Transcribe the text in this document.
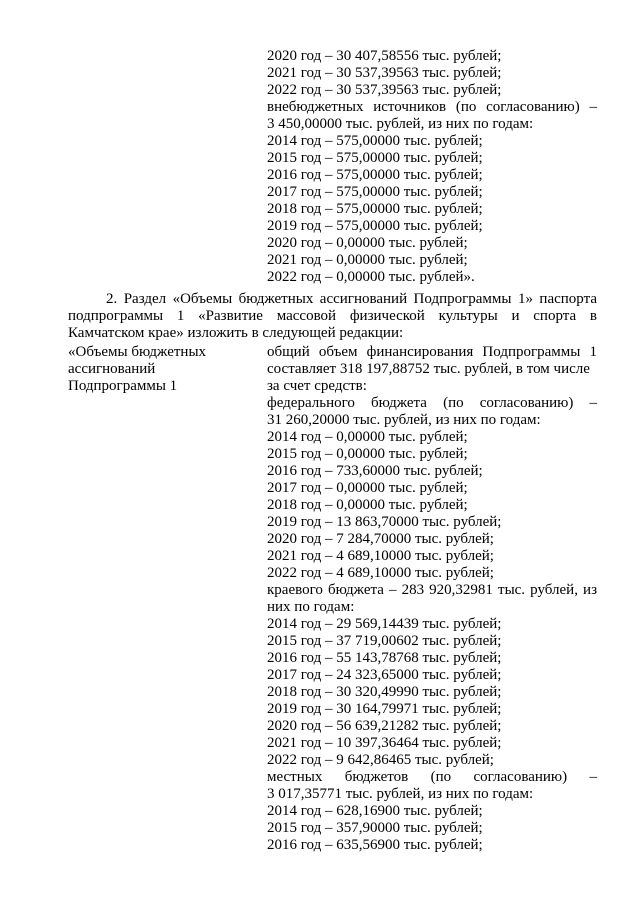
2020 год – 30 407,58556 тыс. рублей;
2021 год – 30 537,39563 тыс. рублей;
2022 год – 30 537,39563 тыс. рублей;
внебюджетных источников (по согласованию) –
3 450,00000 тыс. рублей, из них по годам:
2014 год – 575,00000 тыс. рублей;
2015 год – 575,00000 тыс. рублей;
2016 год – 575,00000 тыс. рублей;
2017 год – 575,00000 тыс. рублей;
2018 год – 575,00000 тыс. рублей;
2019 год – 575,00000 тыс. рублей;
2020 год – 0,00000 тыс. рублей;
2021 год – 0,00000 тыс. рублей;
2022 год – 0,00000 тыс. рублей».
2. Раздел «Объемы бюджетных ассигнований Подпрограммы 1» паспорта
подпрограммы 1 «Развитие массовой физической культуры и спорта в
Камчатском крае» изложить в следующей редакции:
«Объемы бюджетных
ассигнований
Подпрограммы 1
общий объем финансирования Подпрограммы 1
составляет 318 197,88752 тыс. рублей, в том числе
за счет средств:
федерального бюджета (по согласованию) –
31 260,20000 тыс. рублей, из них по годам:
2014 год – 0,00000 тыс. рублей;
2015 год – 0,00000 тыс. рублей;
2016 год – 733,60000 тыс. рублей;
2017 год – 0,00000 тыс. рублей;
2018 год – 0,00000 тыс. рублей;
2019 год – 13 863,70000 тыс. рублей;
2020 год – 7 284,70000 тыс. рублей;
2021 год – 4 689,10000 тыс. рублей;
2022 год – 4 689,10000 тыс. рублей;
краевого бюджета – 283 920,32981 тыс. рублей, из
них по годам:
2014 год – 29 569,14439 тыс. рублей;
2015 год – 37 719,00602 тыс. рублей;
2016 год – 55 143,78768 тыс. рублей;
2017 год – 24 323,65000 тыс. рублей;
2018 год – 30 320,49990 тыс. рублей;
2019 год – 30 164,79971 тыс. рублей;
2020 год – 56 639,21282 тыс. рублей;
2021 год – 10 397,36464 тыс. рублей;
2022 год – 9 642,86465 тыс. рублей;
местных бюджетов (по согласованию) –
3 017,35771 тыс. рублей, из них по годам:
2014 год – 628,16900 тыс. рублей;
2015 год – 357,90000 тыс. рублей;
2016 год – 635,56900 тыс. рублей;
